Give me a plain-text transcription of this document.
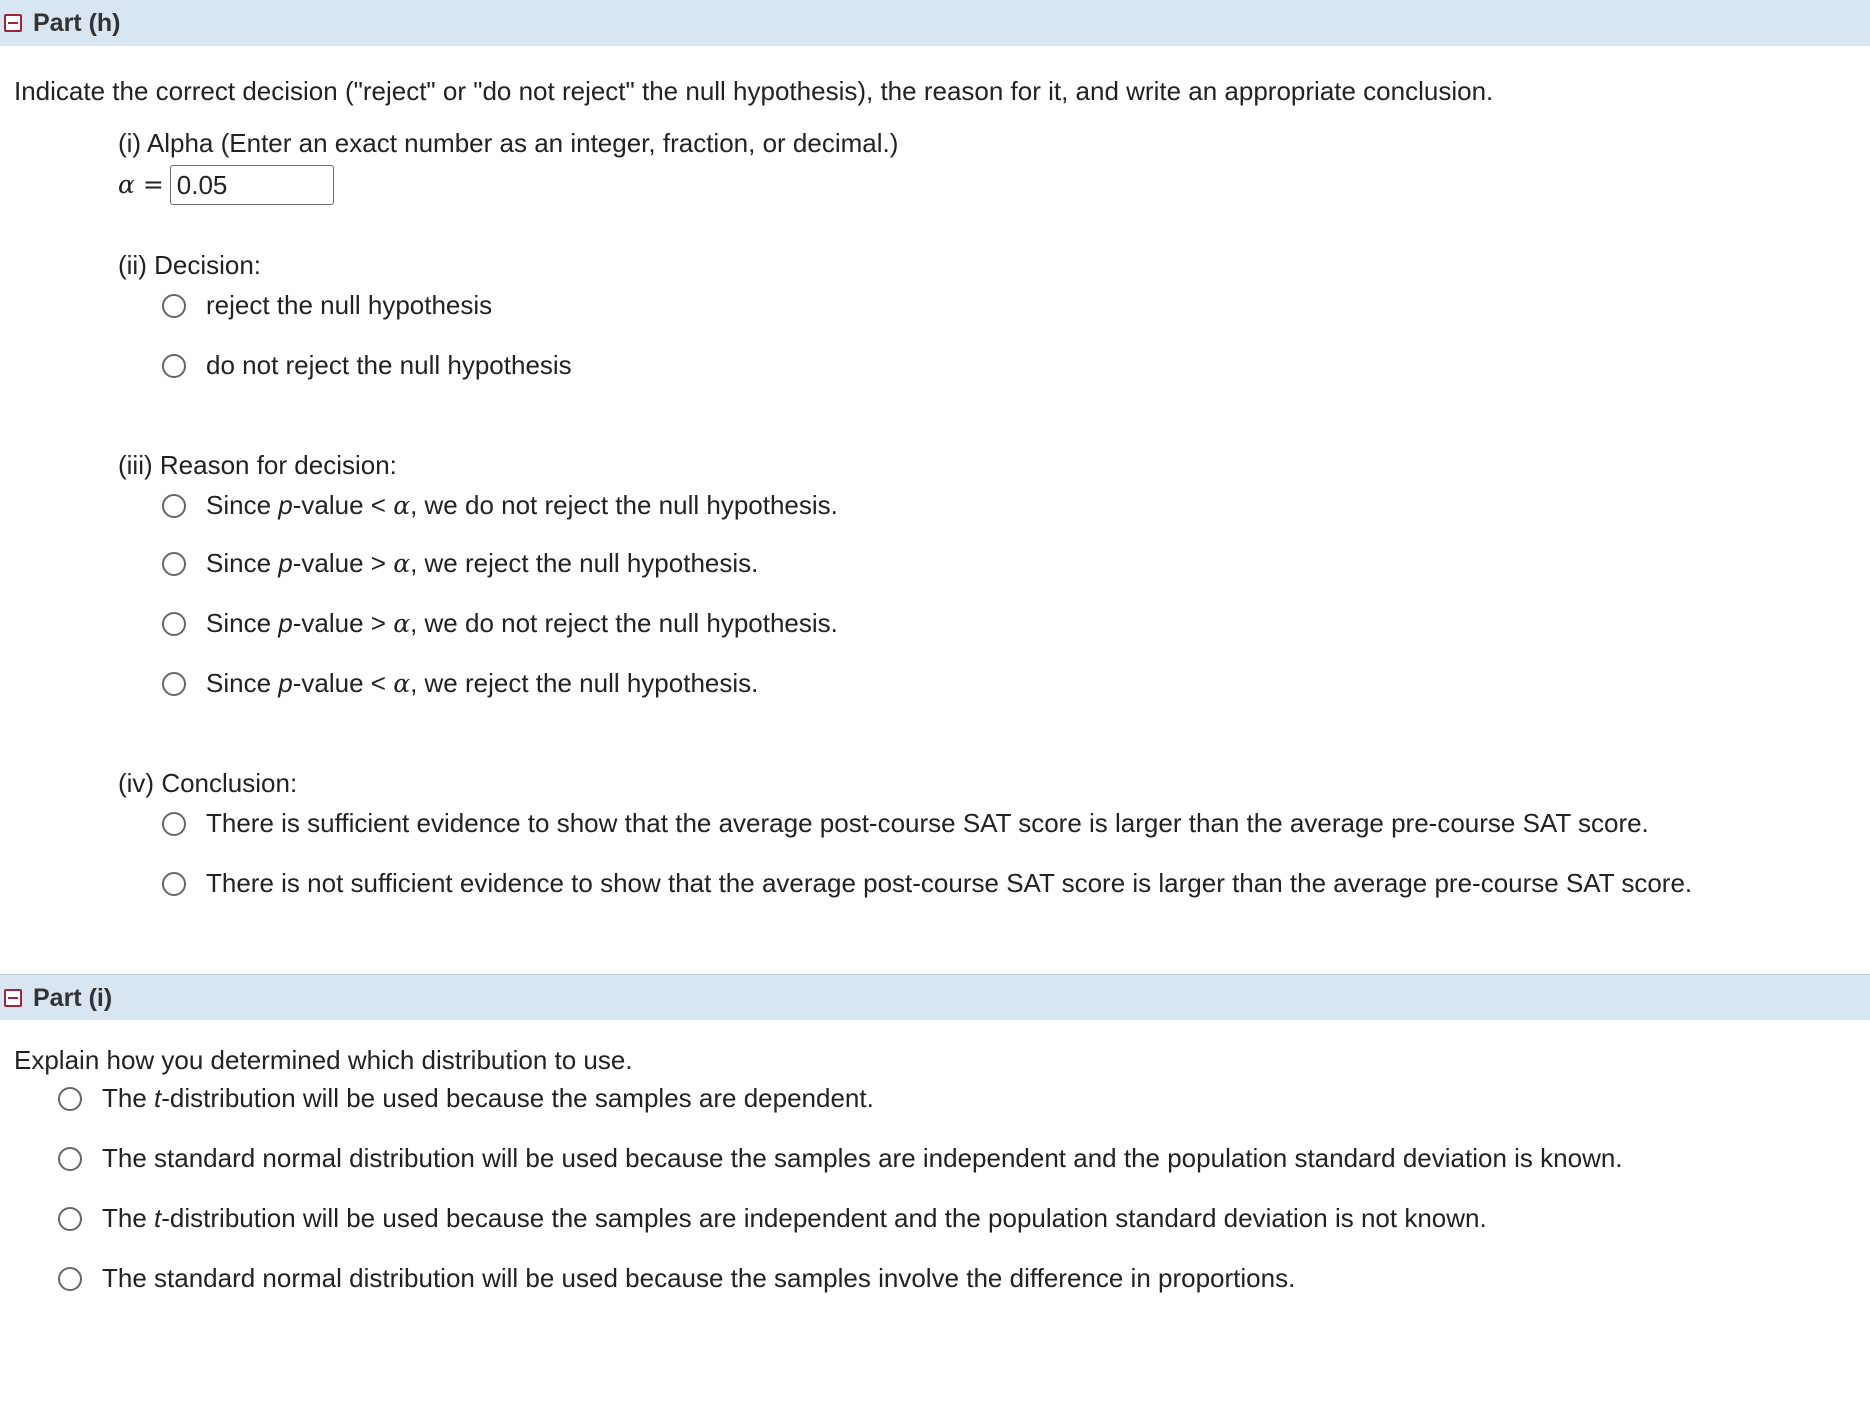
Part (h)
Indicate the correct decision ("reject" or "do not reject" the null hypothesis), the reason for it, and write an appropriate conclusion.
(i) Alpha (Enter an exact number as an integer, fraction, or decimal.)
α =
0.05
(ii) Decision:
reject the null hypothesis
do not reject the null hypothesis
(iii) Reason for decision:
Since p-value < α, we do not reject the null hypothesis.
Since p-value > α, we reject the null hypothesis.
Since p-value > α, we do not reject the null hypothesis.
Since p-value < α, we reject the null hypothesis.
(iv) Conclusion:
There is sufficient evidence to show that the average post-course SAT score is larger than the average pre-course SAT score.
There is not sufficient evidence to show that the average post-course SAT score is larger than the average pre-course SAT score.
Part (i)
Explain how you determined which distribution to use.
The t-distribution will be used because the samples are dependent.
The standard normal distribution will be used because the samples are independent and the population standard deviation is known.
The t-distribution will be used because the samples are independent and the population standard deviation is not known.
The standard normal distribution will be used because the samples involve the difference in proportions.
